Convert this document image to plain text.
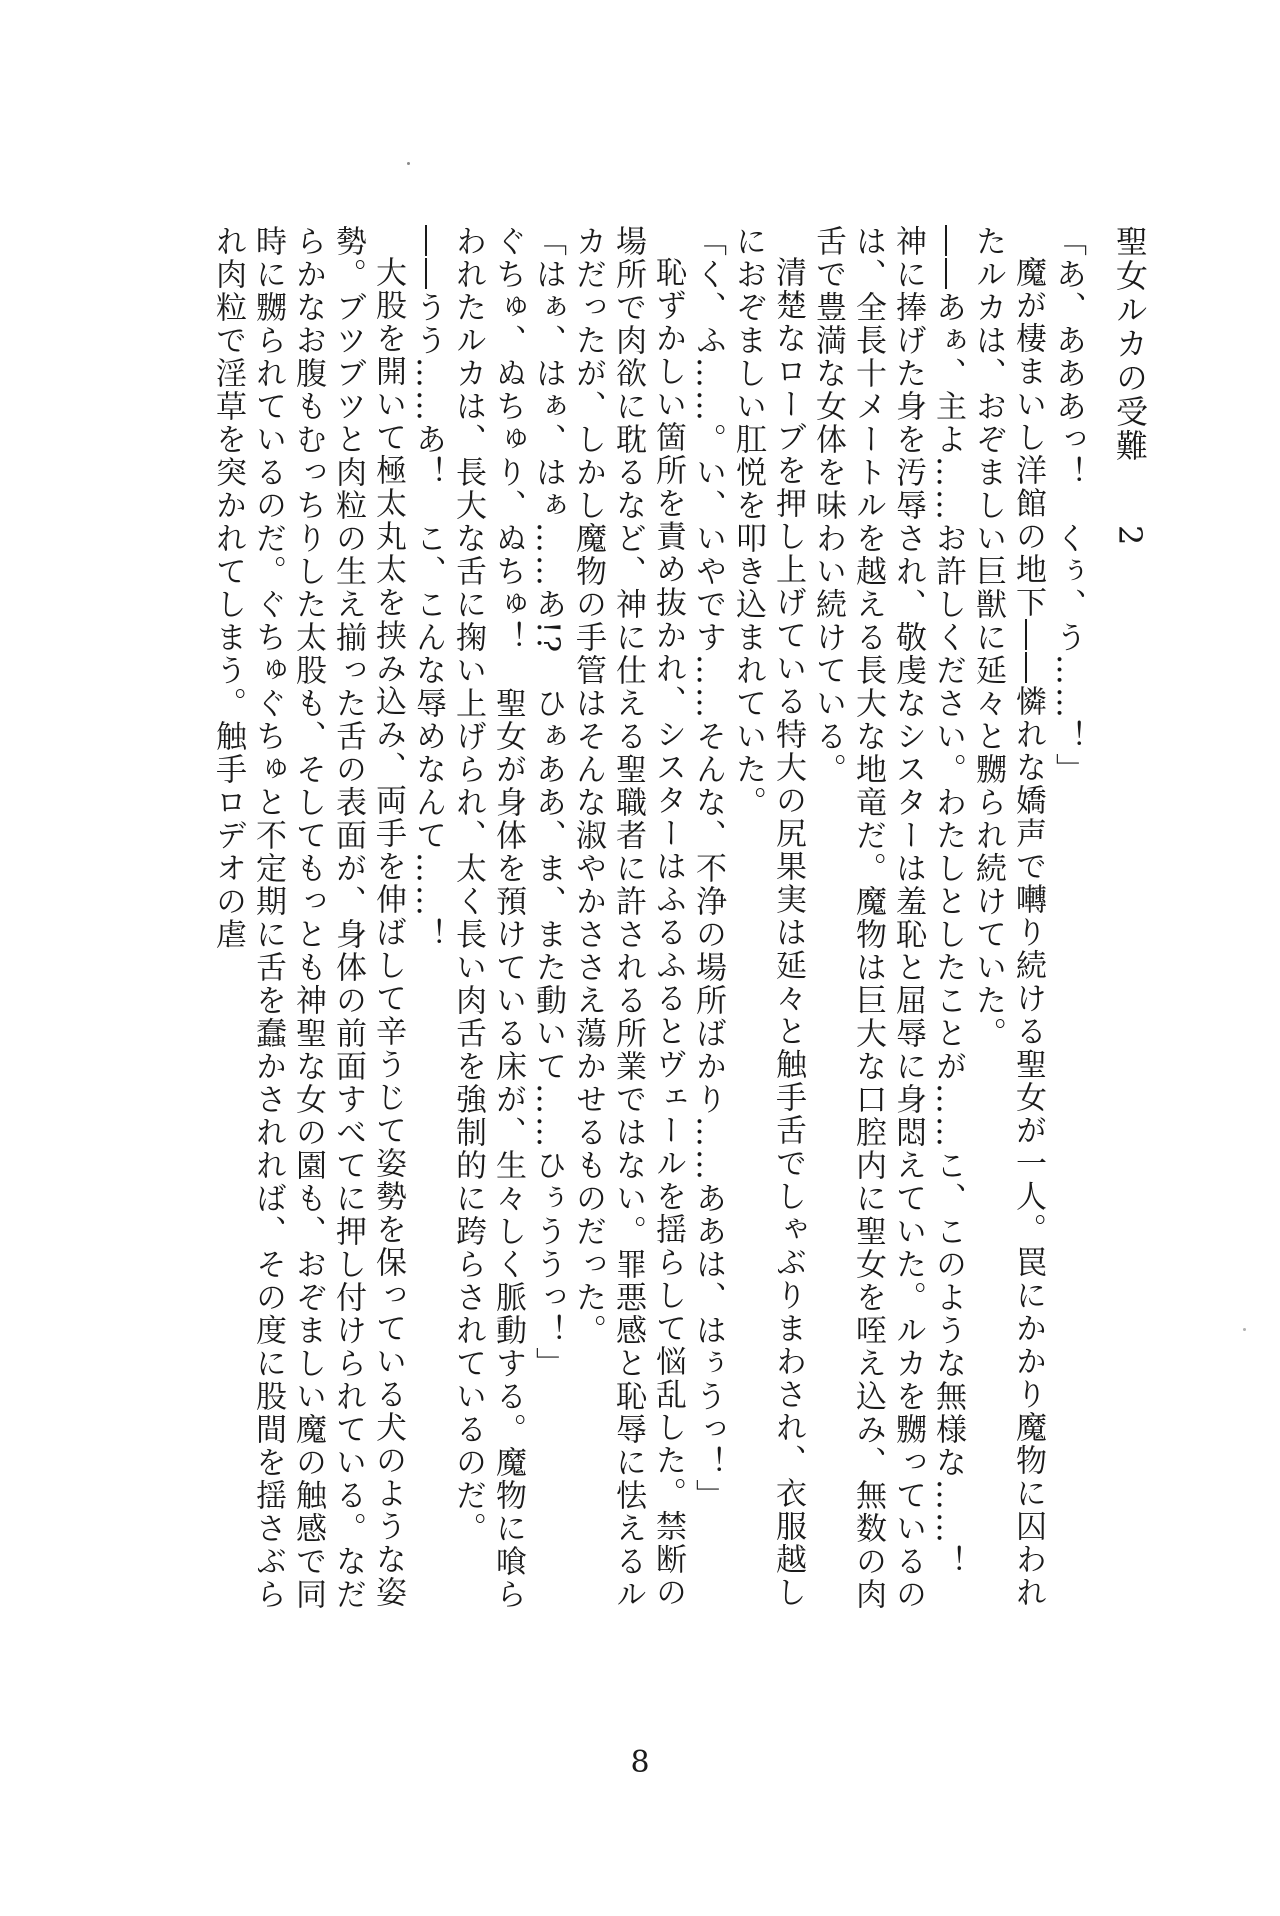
聖女ルカの受難　2

「あ、あああっ！　くぅ、う……！」

魔が棲まいし洋館の地下――憐れな嬌声で囀り続ける聖女が一人。罠にかかり魔物に囚われたルカは、おぞましい巨獣に延々と嬲られ続けていた。

――あぁ、主よ……お許しください。わたしとしたことが……こ、このような無様な……！

神に捧げた身を汚辱され、敬虔なシスターは羞恥と屈辱に身悶えていた。ルカを嬲っているのは、全長十メートルを越える長大な地竜だ。魔物は巨大な口腔内に聖女を咥え込み、無数の肉舌で豊満な女体を味わい続けている。

清楚なローブを押し上げている特大の尻果実は延々と触手舌でしゃぶりまわされ、衣服越しにおぞましい肛悦を叩き込まれていた。

「く、ふ……。い、いやです……そんな、不浄の場所ばかり……ああは、はぅうっ！」

恥ずかしい箇所を責め抜かれ、シスターはふるふるとヴェールを揺らして悩乱した。禁断の場所で肉欲に耽るなど、神に仕える聖職者に許される所業ではない。罪悪感と恥辱に怯えるルカだったが、しかし魔物の手管はそんな淑やかささえ蕩かせるものだった。

「はぁ、はぁ、はぁ……あ!?　ひぁああ、ま、また動いて……ひぅううっ！」

ぐちゅ、ぬちゅり、ぬちゅ！　聖女が身体を預けている床が、生々しく脈動する。魔物に喰らわれたルカは、長大な舌に掬い上げられ、太く長い肉舌を強制的に跨らされているのだ。

――うう……あ！　こ、こんな辱めなんて……！

大股を開いて極太丸太を挟み込み、両手を伸ばして辛うじて姿勢を保っている犬のような姿勢。ブツブツと肉粒の生え揃った舌の表面が、身体の前面すべてに押し付けられている。なだらかなお腹もむっちりした太股も、そしてもっとも神聖な女の園も、おぞましい魔の触感で同時に嬲られているのだ。ぐちゅぐちゅと不定期に舌を蠢かされれば、その度に股間を揺さぶられ肉粒で淫草を突かれてしまう。触手ロデオの虐

8
